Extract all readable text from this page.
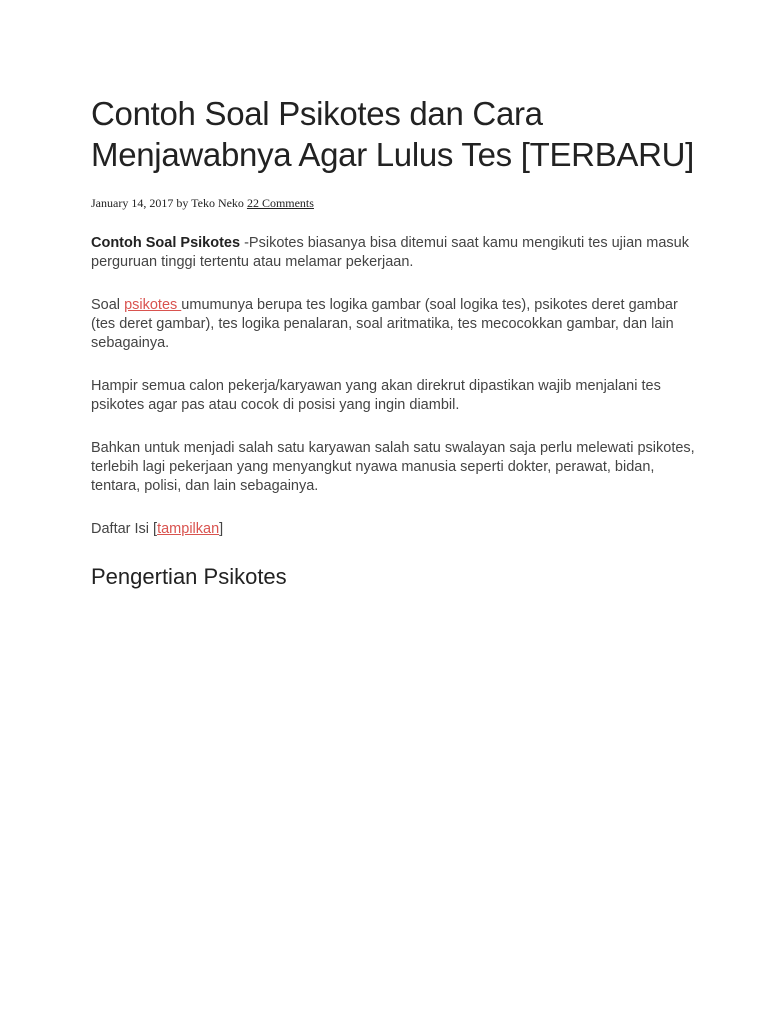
Contoh Soal Psikotes dan Cara Menjawabnya Agar Lulus Tes [TERBARU]
January 14, 2017 by Teko Neko 22 Comments

Contoh Soal Psikotes -Psikotes biasanya bisa ditemui saat kamu mengikuti tes ujian masuk perguruan tinggi tertentu atau melamar pekerjaan.

Soal psikotes umumunya berupa tes logika gambar (soal logika tes), psikotes deret gambar (tes deret gambar), tes logika penalaran, soal aritmatika, tes mecocokkan gambar, dan lain sebagainya.

Hampir semua calon pekerja/karyawan yang akan direkrut dipastikan wajib menjalani tes psikotes agar pas atau cocok di posisi yang ingin diambil.

Bahkan untuk menjadi salah satu karyawan salah satu swalayan saja perlu melewati psikotes, terlebih lagi pekerjaan yang menyangkut nyawa manusia seperti dokter, perawat, bidan, tentara, polisi, dan lain sebagainya.

Daftar Isi [tampilkan]

Pengertian Psikotes
